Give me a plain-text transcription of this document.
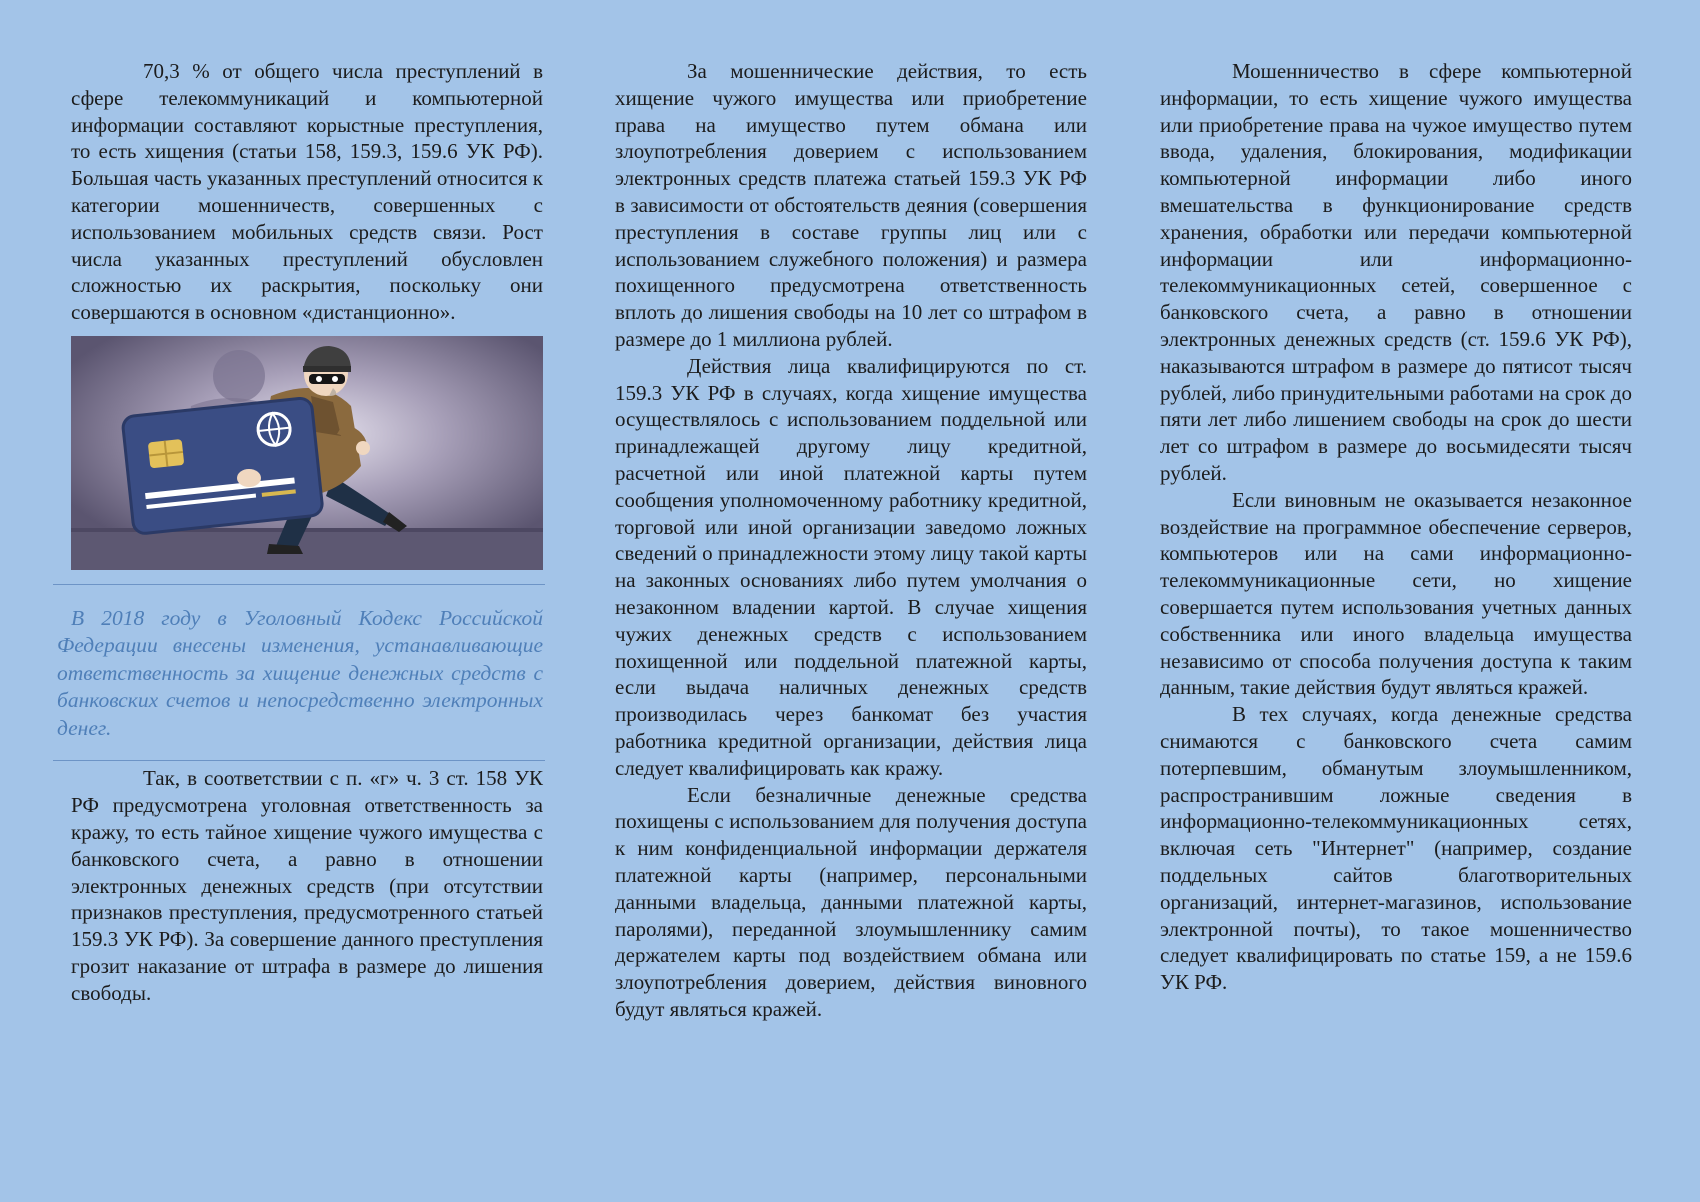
70,3 % от общего числа преступлений в сфере телекоммуникаций и компьютерной информации составляют корыстные преступления, то есть хищения (статьи 158, 159.3, 159.6 УК РФ). Большая часть указанных преступлений относится к категории мошенничеств, совершенных с использованием мобильных средств связи. Рост числа указанных преступлений обусловлен сложностью их раскрытия, поскольку они совершаются в основном «дистанционно».

В 2018 году в Уголовный Кодекс Российской Федерации внесены изменения, устанавливающие ответственность за хищение денежных средств с банковских счетов и непосредственно электронных денег.

Так, в соответствии с п. «г» ч. 3 ст. 158 УК РФ предусмотрена уголовная ответственность за кражу, то есть тайное хищение чужого имущества с банковского счета, а равно в отношении электронных денежных средств (при отсутствии признаков преступления, предусмотренного статьей 159.3 УК РФ). За совершение данного преступления грозит наказание от штрафа в размере до лишения свободы.

За мошеннические действия, то есть хищение чужого имущества или приобретение права на имущество путем обмана или злоупотребления доверием с использованием электронных средств платежа статьей 159.3 УК РФ в зависимости от обстоятельств деяния (совершения преступления в составе группы лиц или с использованием служебного положения) и размера похищенного предусмотрена ответственность вплоть до лишения свободы на 10 лет со штрафом в размере до 1 миллиона рублей.

Действия лица квалифицируются по ст. 159.3 УК РФ в случаях, когда хищение имущества осуществлялось с использованием поддельной или принадлежащей другому лицу кредитной, расчетной или иной платежной карты путем сообщения уполномоченному работнику кредитной, торговой или иной организации заведомо ложных сведений о принадлежности этому лицу такой карты на законных основаниях либо путем умолчания о незаконном владении картой. В случае хищения чужих денежных средств с использованием похищенной или поддельной платежной карты, если выдача наличных денежных средств производилась через банкомат без участия работника кредитной организации, действия лица следует квалифицировать как кражу.

Если безналичные денежные средства похищены с использованием для получения доступа к ним конфиденциальной информации держателя платежной карты (например, персональными данными владельца, данными платежной карты, паролями), переданной злоумышленнику самим держателем карты под воздействием обмана или злоупотребления доверием, действия виновного будут являться кражей.

Мошенничество в сфере компьютерной информации, то есть хищение чужого имущества или приобретение права на чужое имущество путем ввода, удаления, блокирования, модификации компьютерной информации либо иного вмешательства в функционирование средств хранения, обработки или передачи компьютерной информации или информационно-телекоммуникационных сетей, совершенное с банковского счета, а равно в отношении электронных денежных средств (ст. 159.6 УК РФ), наказываются штрафом в размере до пятисот тысяч рублей, либо принудительными работами на срок до пяти лет либо лишением свободы на срок до шести лет со штрафом в размере до восьмидесяти тысяч рублей.

Если виновным не оказывается незаконное воздействие на программное обеспечение серверов, компьютеров или на сами информационно-телекоммуникационные сети, но хищение совершается путем использования учетных данных собственника или иного владельца имущества независимо от способа получения доступа к таким данным, такие действия будут являться кражей.

В тех случаях, когда денежные средства снимаются с банковского счета самим потерпевшим, обманутым злоумышленником, распространившим ложные сведения в информационно-телекоммуникационных сетях, включая сеть "Интернет" (например, создание поддельных сайтов благотворительных организаций, интернет-магазинов, использование электронной почты), то такое мошенничество следует квалифицировать по статье 159, а не 159.6 УК РФ.
